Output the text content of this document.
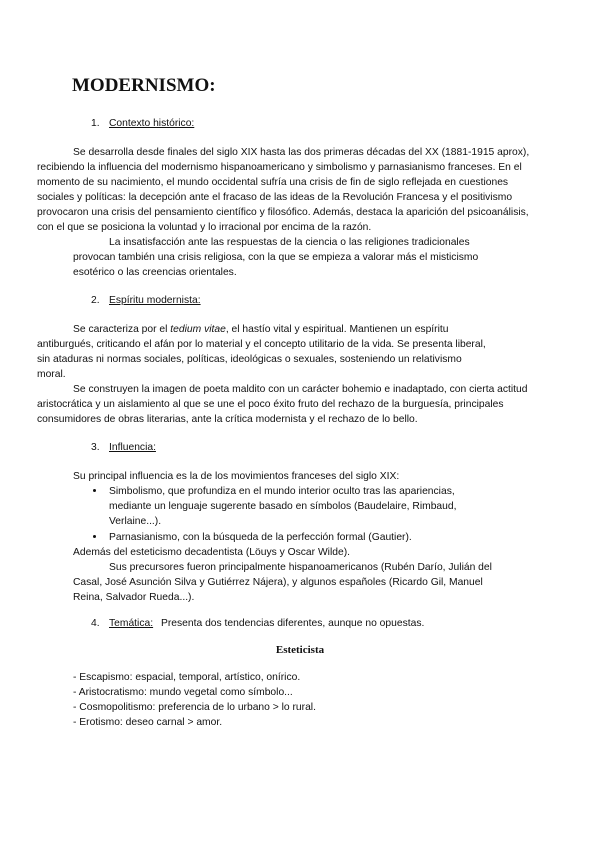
MODERNISMO:
1. Contexto histórico:
Se desarrolla desde finales del siglo XIX hasta las dos primeras décadas del XX (1881-1915 aprox),
recibiendo la influencia del modernismo hispanoamericano y simbolismo y parnasianismo franceses. En el
momento de su nacimiento, el mundo occidental sufría una crisis de fin de siglo reflejada en cuestiones
sociales y políticas: la decepción ante el fracaso de las ideas de la Revolución Francesa y el positivismo
provocaron una crisis del pensamiento científico y filosófico. Además, destaca la aparición del psicoanálisis,
con el que se posiciona la voluntad y lo irracional por encima de la razón.
La insatisfacción ante las respuestas de la ciencia o las religiones tradicionales
provocan también una crisis religiosa, con la que se empieza a valorar más el misticismo
esotérico o las creencias orientales.
2. Espíritu modernista:
Se caracteriza por el tedium vitae, el hastío vital y espiritual. Mantienen un espíritu
antiburgués, criticando el afán por lo material y el concepto utilitario de la vida. Se presenta liberal,
sin ataduras ni normas sociales, políticas, ideológicas o sexuales, sosteniendo un relativismo
moral.
Se construyen la imagen de poeta maldito con un carácter bohemio e inadaptado, con cierta actitud
aristocrática y un aislamiento al que se une el poco éxito fruto del rechazo de la burguesía, principales
consumidores de obras literarias, ante la crítica modernista y el rechazo de lo bello.
3. Influencia:
Su principal influencia es la de los movimientos franceses del siglo XIX:
Simbolismo, que profundiza en el mundo interior oculto tras las apariencias,
mediante un lenguaje sugerente basado en símbolos (Baudelaire, Rimbaud,
Verlaine...).
Parnasianismo, con la búsqueda de la perfección formal (Gautier).
Además del esteticismo decadentista (Löuys y Oscar Wilde).
Sus precursores fueron principalmente hispanoamericanos (Rubén Darío, Julián del
Casal, José Asunción Silva y Gutiérrez Nájera), y algunos españoles (Ricardo Gil, Manuel
Reina, Salvador Rueda...).
4. Temática: Presenta dos tendencias diferentes, aunque no opuestas.
Esteticista
- Escapismo: espacial, temporal, artístico, onírico.
- Aristocratismo: mundo vegetal como símbolo...
- Cosmopolitismo: preferencia de lo urbano > lo rural.
- Erotismo: deseo carnal > amor.
